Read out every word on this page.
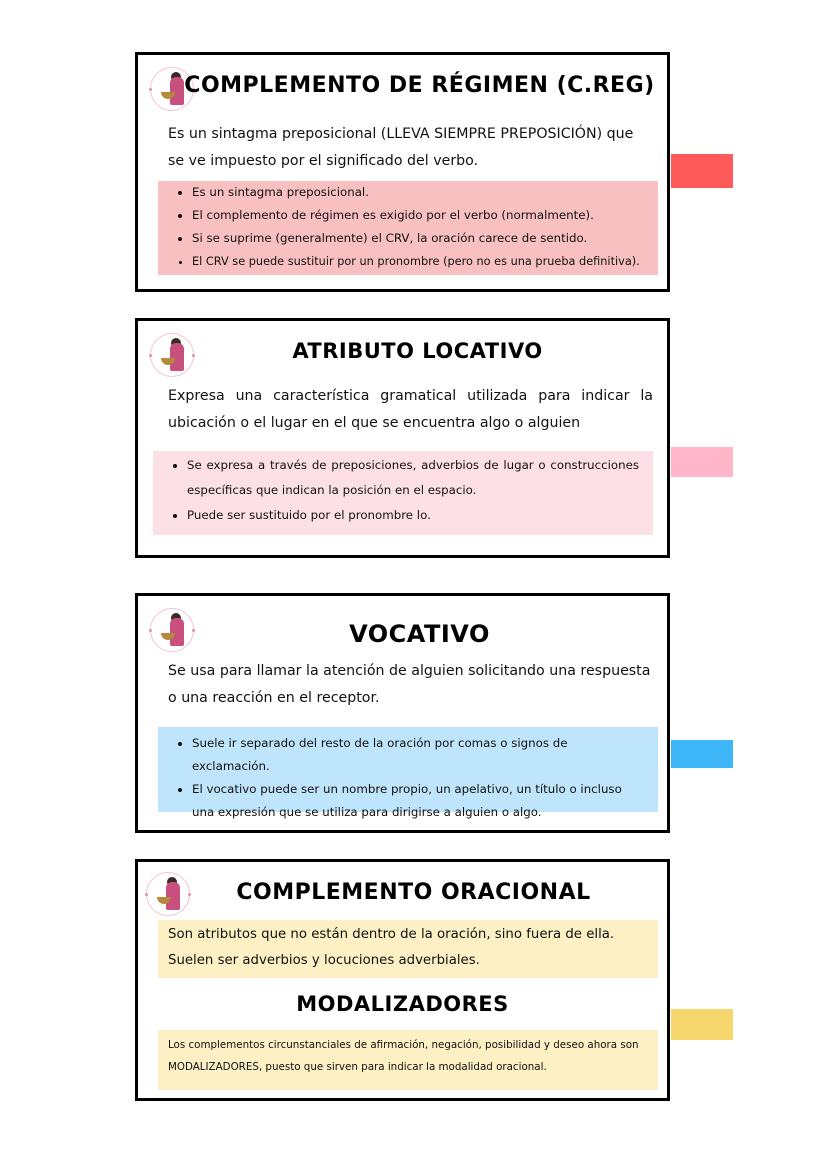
COMPLEMENTO DE RÉGIMEN (C.REG)
Es un sintagma preposicional (LLEVA SIEMPRE PREPOSICIÓN) que se ve impuesto por el significado del verbo.
• Es un sintagma preposicional.
• El complemento de régimen es exigido por el verbo (normalmente).
• Si se suprime (generalmente) el CRV, la oración carece de sentido.
• El CRV se puede sustituir por un pronombre (pero no es una prueba definitiva).
ATRIBUTO LOCATIVO
Expresa una característica gramatical utilizada para indicar la ubicación o el lugar en el que se encuentra algo o alguien
• Se expresa a través de preposiciones, adverbios de lugar o construcciones específicas que indican la posición en el espacio.
• Puede ser sustituido por el pronombre lo.
VOCATIVO
Se usa para llamar la atención de alguien solicitando una respuesta o una reacción en el receptor.
• Suele ir separado del resto de la oración por comas o signos de exclamación.
• El vocativo puede ser un nombre propio, un apelativo, un título o incluso una expresión que se utiliza para dirigirse a alguien o algo.
COMPLEMENTO ORACIONAL
Son atributos que no están dentro de la oración, sino fuera de ella. Suelen ser adverbios y locuciones adverbiales.
MODALIZADORES
Los complementos circunstanciales de afirmación, negación, posibilidad y deseo ahora son MODALIZADORES, puesto que sirven para indicar la modalidad oracional.
